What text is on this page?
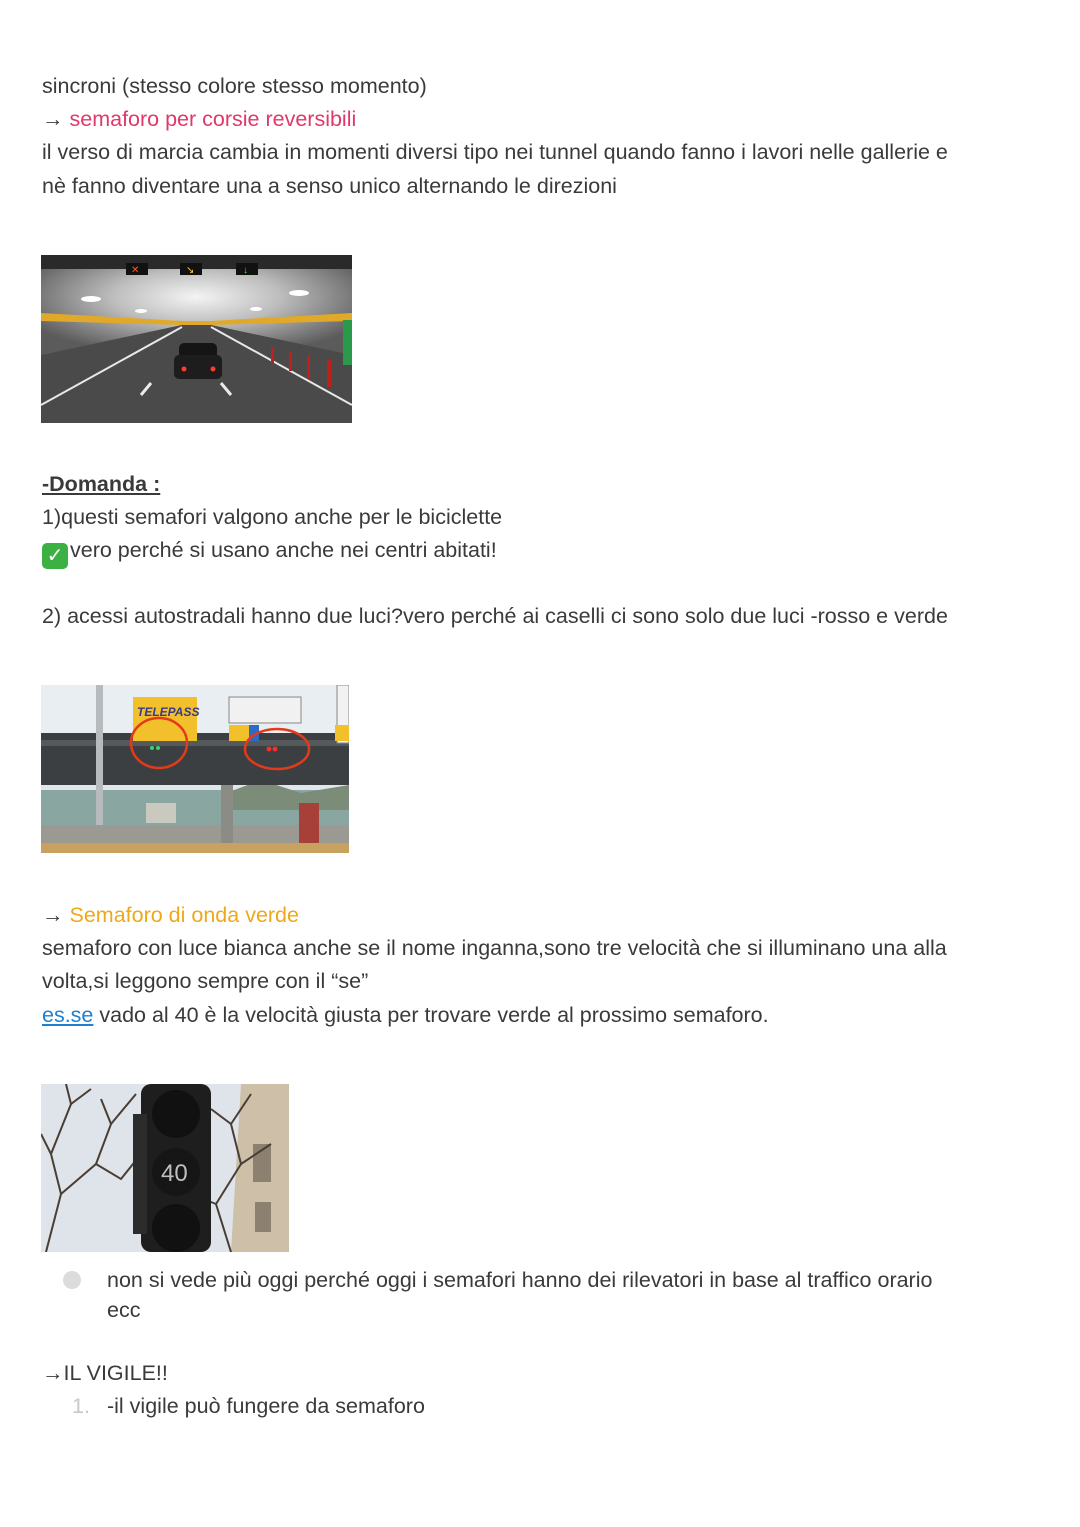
sincroni (stesso colore stesso momento)
→ semaforo per corsie reversibili
il verso di marcia cambia in momenti diversi tipo nei tunnel quando fanno i lavori nelle gallerie e
nè fanno diventare una a senso unico alternando le direzioni
✕	↘	↓
-Domanda :
1)questi semafori valgono anche per le biciclette
✓ vero perché si usano anche nei centri abitati!
2) acessi autostradali hanno due luci?vero perché ai caselli ci sono solo due luci -rosso e verde
TELEPASS
→ Semaforo di onda verde
semaforo con luce bianca anche se il nome inganna,sono tre velocità che si illuminano una alla
volta,si leggono sempre con il “se”
es.se vado al 40 è la velocità giusta per trovare verde al prossimo semaforo.
40
non si vede più oggi perché oggi i semafori hanno dei rilevatori in base al traffico orario
ecc
→IL VIGILE!!
1. -il vigile può fungere da semaforo
